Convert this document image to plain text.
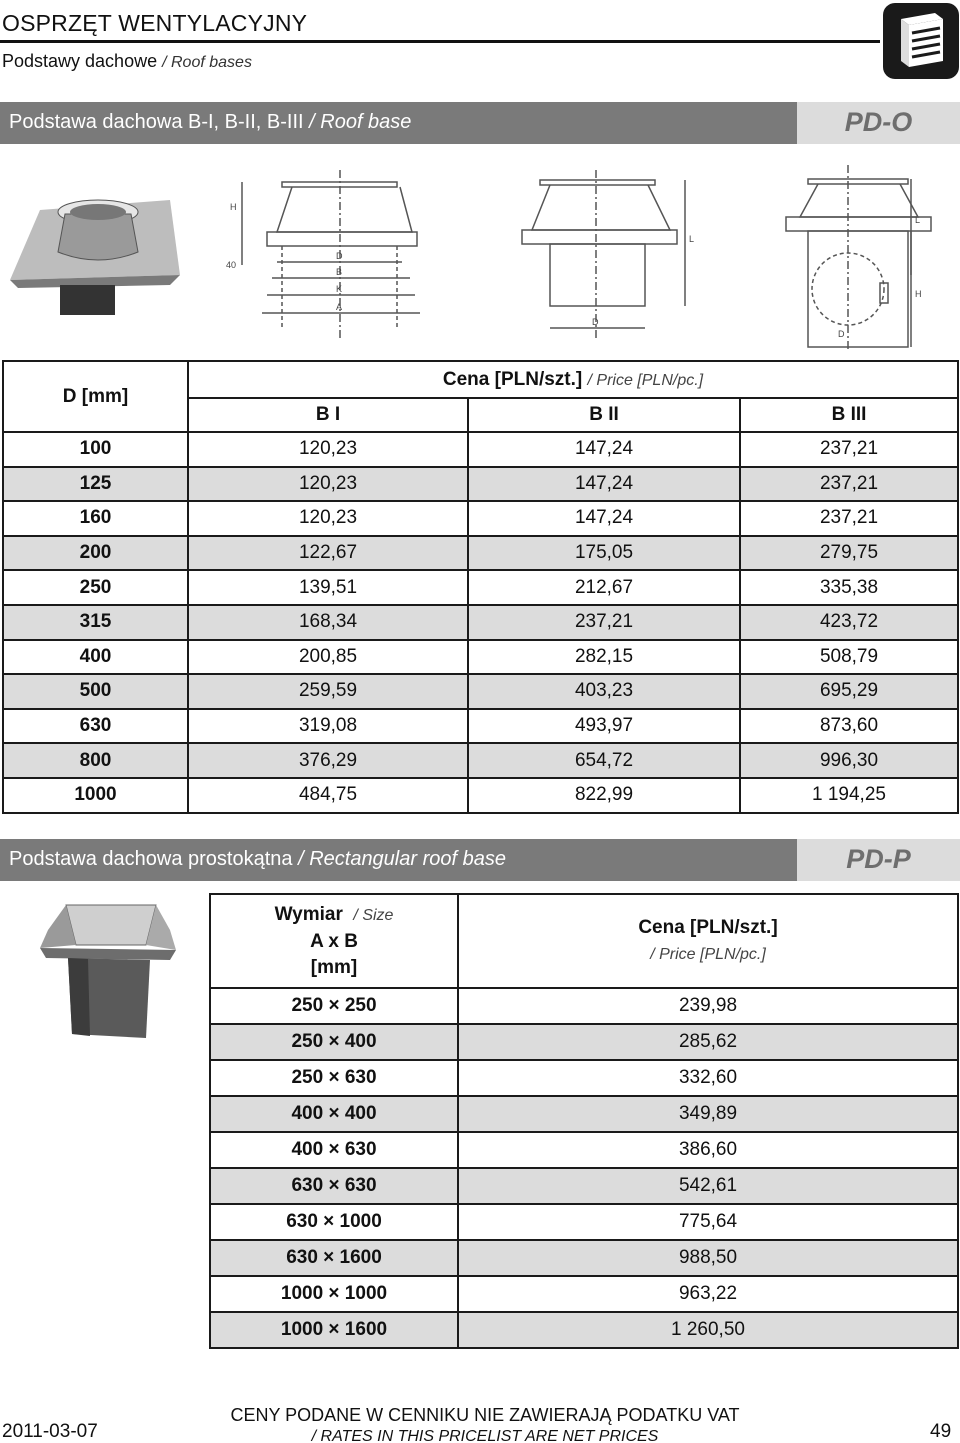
OSPRZĘT WENTYLACYJNY
Podstawy dachowe / Roof bases
Podstawa dachowa B-I, B-II, B-III / Roof base	PD-O
H
40
D
B
K
A
L
D
L
H
D
D [mm]	Cena [PLN/szt.] / Price [PLN/pc.]		
	B I	B II	B III
100	120,23	147,24	237,21
125	120,23	147,24	237,21
160	120,23	147,24	237,21
200	122,67	175,05	279,75
250	139,51	212,67	335,38
315	168,34	237,21	423,72
400	200,85	282,15	508,79
500	259,59	403,23	695,29
630	319,08	493,97	873,60
800	376,29	654,72	996,30
1000	484,75	822,99	1 194,25
Podstawa dachowa prostokątna / Rectangular roof base	PD-P
Wymiar / Size
A x B
[mm]	Cena [PLN/szt.]
/ Price [PLN/pc.]
250 × 250	239,98
250 × 400	285,62
250 × 630	332,60
400 × 400	349,89
400 × 630	386,60
630 × 630	542,61
630 × 1000	775,64
630 × 1600	988,50
1000 × 1000	963,22
1000 × 1600	1 260,50
2011-03-07
CENY PODANE W CENNIKU NIE ZAWIERAJĄ PODATKU VAT
/ RATES IN THIS PRICELIST ARE NET PRICES	49
